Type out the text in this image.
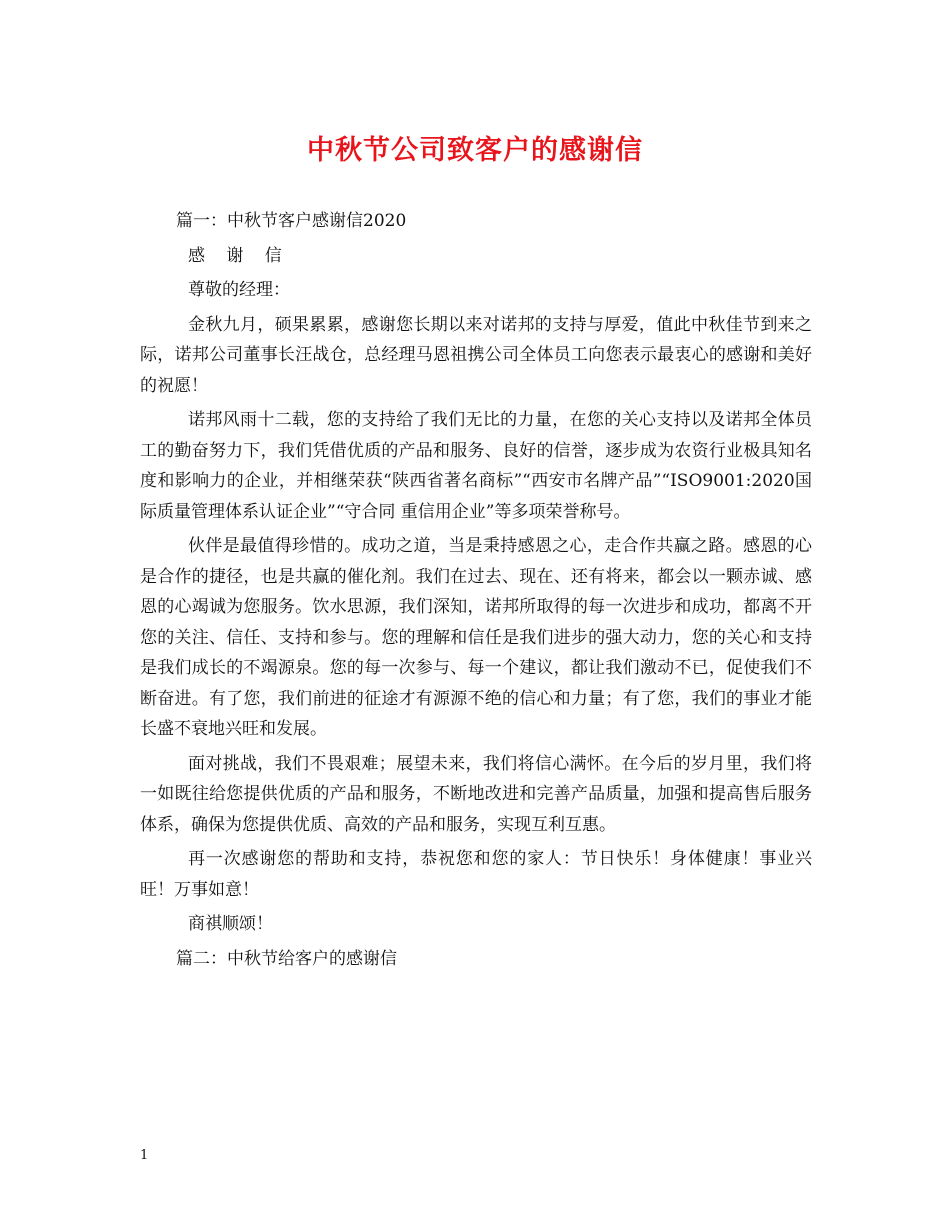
中秋节公司致客户的感谢信

篇一：中秋节客户感谢信2020

感 谢 信

尊敬的经理：

金秋九月，硕果累累，感谢您长期以来对诺邦的支持与厚爱，值此中秋佳节到来之际，诺邦公司董事长汪战仓，总经理马恩祖携公司全体员工向您表示最衷心的感谢和美好的祝愿！

诺邦风雨十二载，您的支持给了我们无比的力量，在您的关心支持以及诺邦全体员工的勤奋努力下，我们凭借优质的产品和服务、良好的信誉，逐步成为农资行业极具知名度和影响力的企业，并相继荣获“陕西省著名商标”“西安市名牌产品”“ISO9001:2020国际质量管理体系认证企业”“守合同 重信用企业”等多项荣誉称号。

伙伴是最值得珍惜的。成功之道，当是秉持感恩之心，走合作共赢之路。感恩的心是合作的捷径，也是共赢的催化剂。我们在过去、现在、还有将来，都会以一颗赤诚、感恩的心竭诚为您服务。饮水思源，我们深知，诺邦所取得的每一次进步和成功，都离不开您的关注、信任、支持和参与。您的理解和信任是我们进步的强大动力，您的关心和支持是我们成长的不竭源泉。您的每一次参与、每一个建议，都让我们激动不已，促使我们不断奋进。有了您，我们前进的征途才有源源不绝的信心和力量；有了您，我们的事业才能长盛不衰地兴旺和发展。

面对挑战，我们不畏艰难；展望未来，我们将信心满怀。在今后的岁月里，我们将一如既往给您提供优质的产品和服务，不断地改进和完善产品质量，加强和提高售后服务体系，确保为您提供优质、高效的产品和服务，实现互利互惠。

再一次感谢您的帮助和支持，恭祝您和您的家人：节日快乐！身体健康！事业兴旺！万事如意！

商祺顺颂！

篇二：中秋节给客户的感谢信

1
